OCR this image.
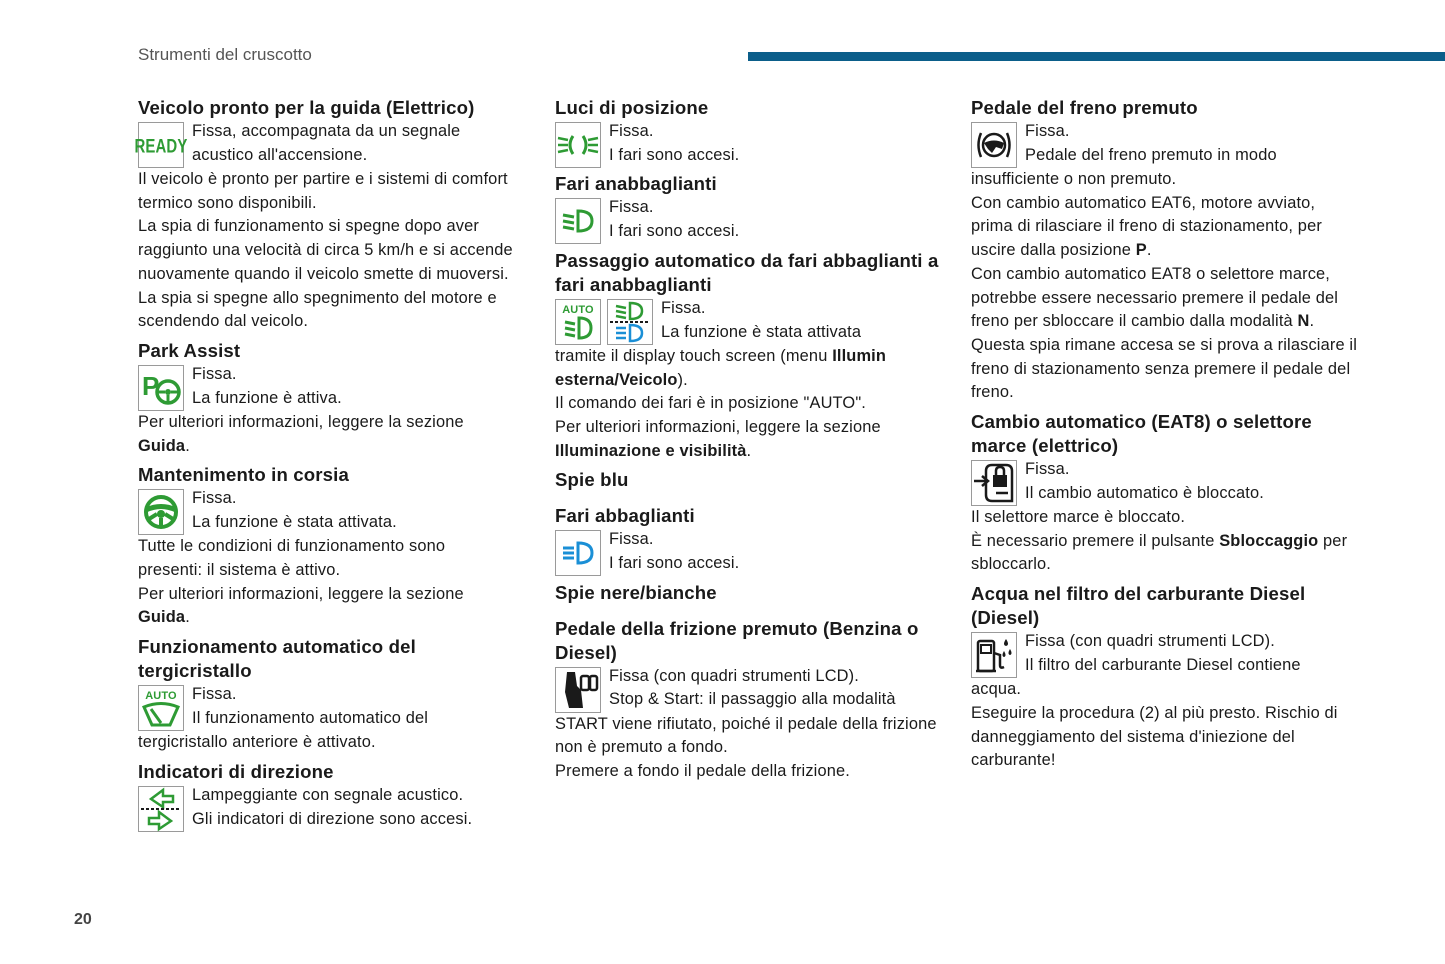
Strumenti del cruscotto
Veicolo pronto per la guida (Elettrico)
READY

Fissa, accompagnata da un segnale

acustico all'accensione.

Il veicolo è pronto per partire e i sistemi di comfort termico sono disponibili.

La spia di funzionamento si spegne dopo aver raggiunto una velocità di circa 5 km/h e si accende nuovamente quando il veicolo smette di muoversi.

La spia si spegne allo spegnimento del motore e scendendo dal veicolo.

Park Assist
P	Fissa.

La funzione è attiva.

Per ulteriori informazioni, leggere la sezione
Guida.

Mantenimento in corsia

Fissa.

La funzione è stata attivata.

Tutte le condizioni di funzionamento sono presenti: il sistema è attivo.

Per ulteriori informazioni, leggere la sezione
Guida.

Funzionamento automatico del tergicristallo
AUTO Fissa.

Il funzionamento automatico del

tergicristallo anteriore è attivato.

Indicatori di direzione

Lampeggiante con segnale acustico.

Gli indicatori di direzione sono accesi.

Luci di posizione

Fissa.

I fari sono accesi.

Fari anabbaglianti

Fissa.

I fari sono accesi.

Passaggio automatico da fari abbaglianti a fari anabbaglianti
AUTO	Fissa.

La funzione è stata attivata

tramite il display touch screen (menu Illumin esterna/Veicolo).

Il comando dei fari è in posizione "AUTO".

Per ulteriori informazioni, leggere la sezione Illuminazione e visibilità.

Spie blu
Fari abbaglianti

Fissa.

I fari sono accesi.

Spie nere/bianche
Pedale della frizione premuto (Benzina o Diesel)

Fissa (con quadri strumenti LCD).

Stop & Start: il passaggio alla modalità

START viene rifiutato, poiché il pedale della frizione non è premuto a fondo.

Premere a fondo il pedale della frizione.

Pedale del freno premuto

Fissa.

Pedale del freno premuto in modo

insufficiente o non premuto.

Con cambio automatico EAT6, motore avviato, prima di rilasciare il freno di stazionamento, per uscire dalla posizione P.

Con cambio automatico EAT8 o selettore marce, potrebbe essere necessario premere il pedale del freno per sbloccare il cambio dalla modalità N.

Questa spia rimane accesa se si prova a rilasciare il freno di stazionamento senza premere il pedale del freno.

Cambio automatico (EAT8) o selettore marce (elettrico)

Fissa.

Il cambio automatico è bloccato.

Il selettore marce è bloccato.

È necessario premere il pulsante Sbloccaggio per sbloccarlo.

Acqua nel filtro del carburante Diesel (Diesel)

Fissa (con quadri strumenti LCD).

Il filtro del carburante Diesel contiene

acqua.

Eseguire la procedura (2) al più presto. Rischio di danneggiamento del sistema d'iniezione del carburante!

20
